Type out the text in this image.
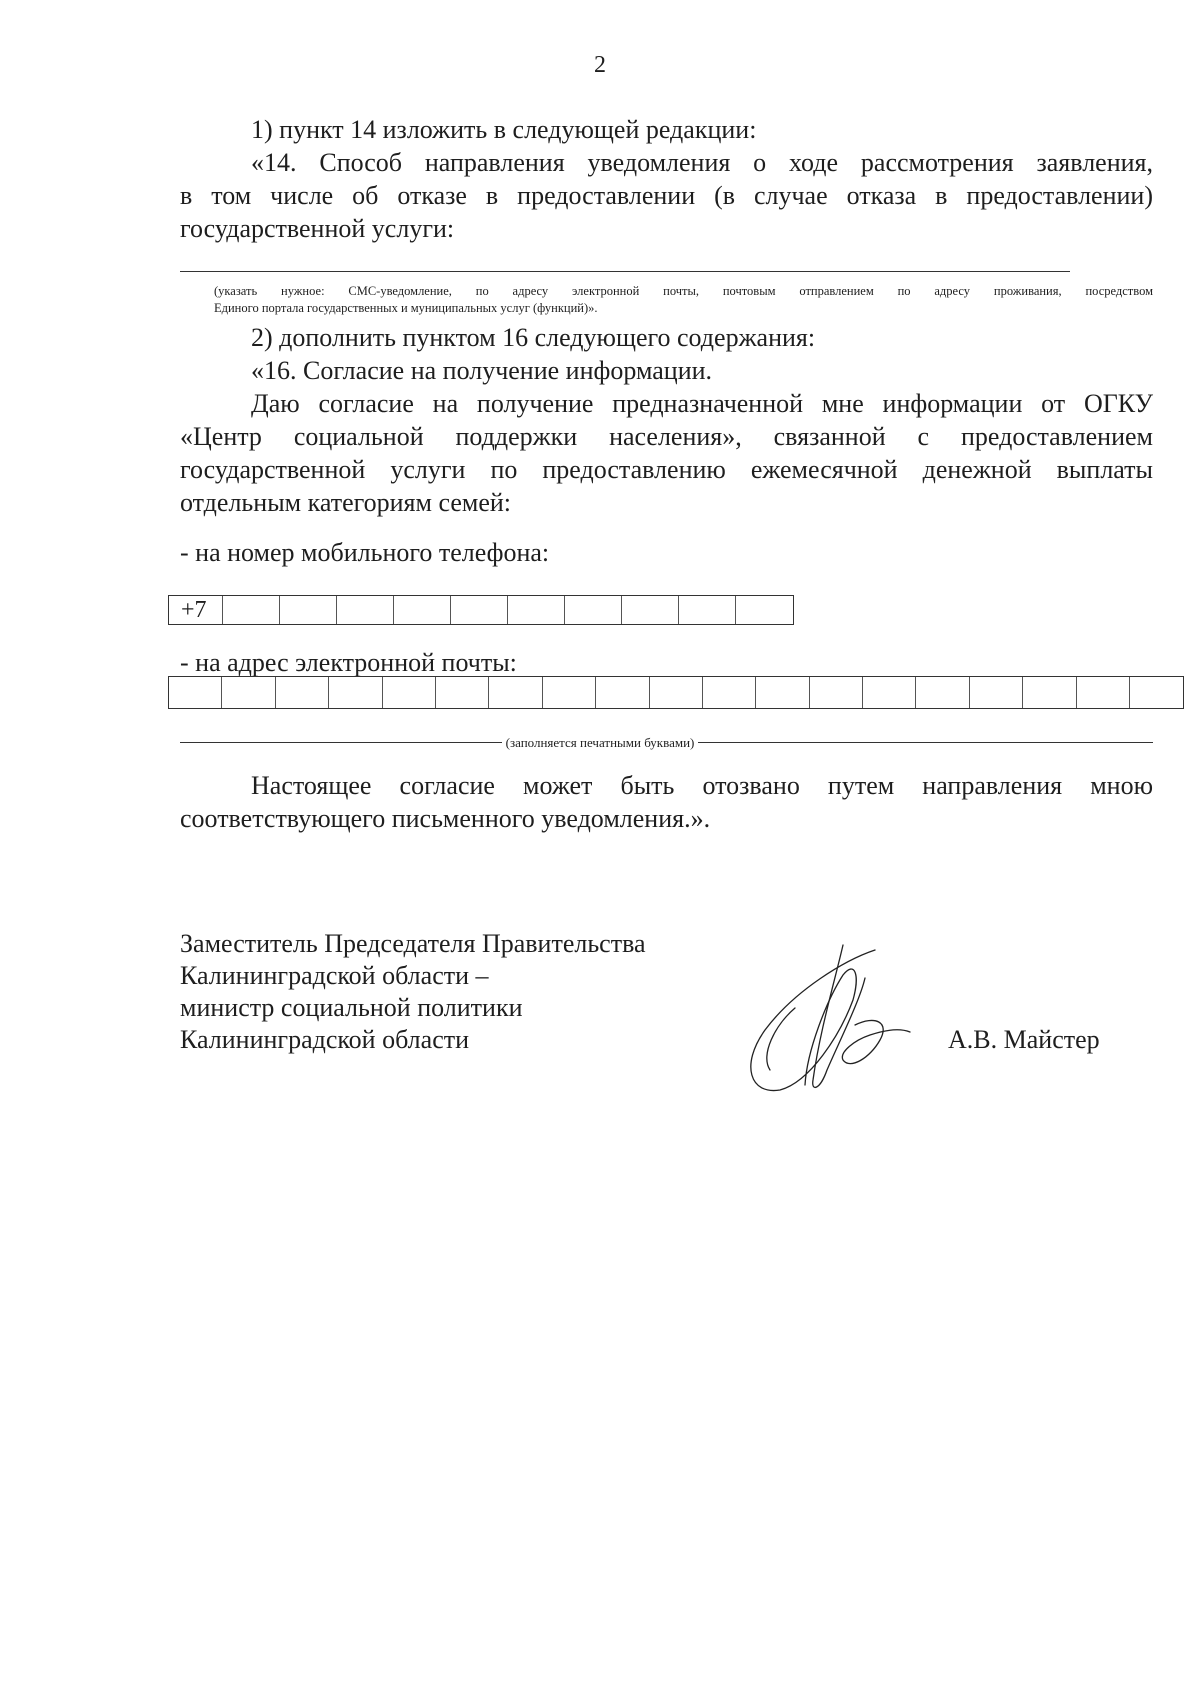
2
1) пункт 14 изложить в следующей редакции:
«14. Способ направления уведомления о ходе рассмотрения заявления,
в том числе об отказе в предоставлении (в случае отказа в предоставлении)
государственной услуги:
(указать нужное: СМС-уведомление, по адресу электронной почты, почтовым отправлением по адресу проживания, посредством
Единого портала государственных и муниципальных услуг (функций)».
2) дополнить пунктом 16 следующего содержания:
«16. Согласие на получение информации.
Даю согласие на получение предназначенной мне информации от ОГКУ
«Центр социальной поддержки населения», связанной с предоставлением
государственной услуги по предоставлению ежемесячной денежной выплаты
отдельным категориям семей:
- на номер мобильного телефона:
+7
- на адрес электронной почты:
(заполняется печатными буквами)
Настоящее согласие может быть отозвано путем направления мною
соответствующего письменного уведомления.».
Заместитель Председателя Правительства
Калининградской области –
министр социальной политики
Калининградской области	А.В. Майстер
